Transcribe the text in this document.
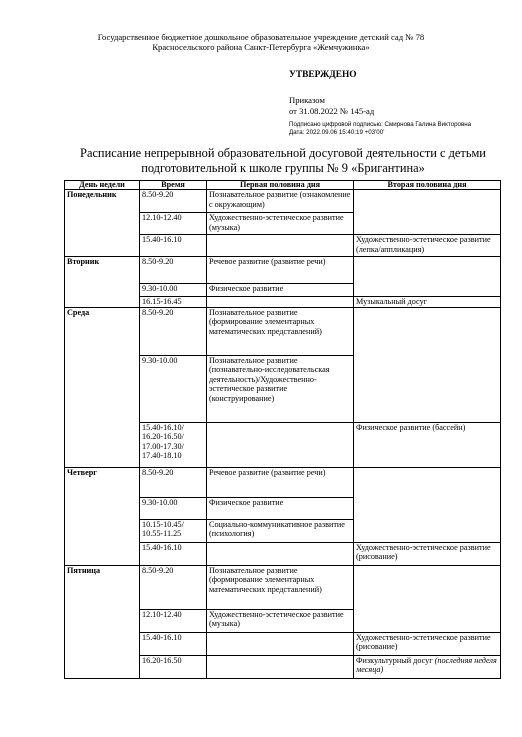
Государственное бюджетное дошкольное образовательное учреждение детский сад № 78
Красносельского района Санкт-Петербурга «Жемчужинка»
УТВЕРЖДЕНО
Приказом
от 31.08.2022 № 145-ад
Подписано цифровой подписью: Смирнова Галина Викторовна
Дата: 2022.09.06 15:40:19 +03'00'
Расписание непрерывной образовательной досуговой деятельности с детьми
подготовительной к школе группы № 9 «Бригантина»
День недели	Время	Первая половина дня	Вторая половина дня
Понедельник	8.50-9.20	Познавательное развитие (ознакомление с окружающим)	
	12.10-12.40	Художественно-эстетическое развитие (музыка)	
	15.40-16.10		Художественно-эстетическое развитие (лепка/аппликация)
Вторник	8.50-9.20	Речевое развитие (развитие речи)	
	9.30-10.00	Физическое развитие	
	16.15-16.45		Музыкальный досуг
Среда	8.50-9.20	Познавательное развитие (формирование элементарных математических представлений)	
	9.30-10.00	Познавательное развитие (познавательно-исследовательская деятельность)/Художественно-эстетическое развитие (конструирование)	
	15.40-16.10/ 16.20-16.50/ 17.00-17.30/ 17.40-18.10		Физическое развитие (бассейн)
Четверг	8.50-9.20	Речевое развитие (развитие речи)	
	9.30-10.00	Физическое развитие	
	10.15-10.45/ 10.55-11.25	Социально-коммуникативное развитие (психология)	
	15.40-16.10		Художественно-эстетическое развитие (рисование)
Пятница	8.50-9.20	Познавательное развитие (формирование элементарных математических представлений)	
	12.10-12.40	Художественно-эстетическое развитие (музыка)	
	15.40-16.10		Художественно-эстетическое развитие (рисование)
	16.20-16.50		Физкультурный досуг (последняя неделя месяца)
